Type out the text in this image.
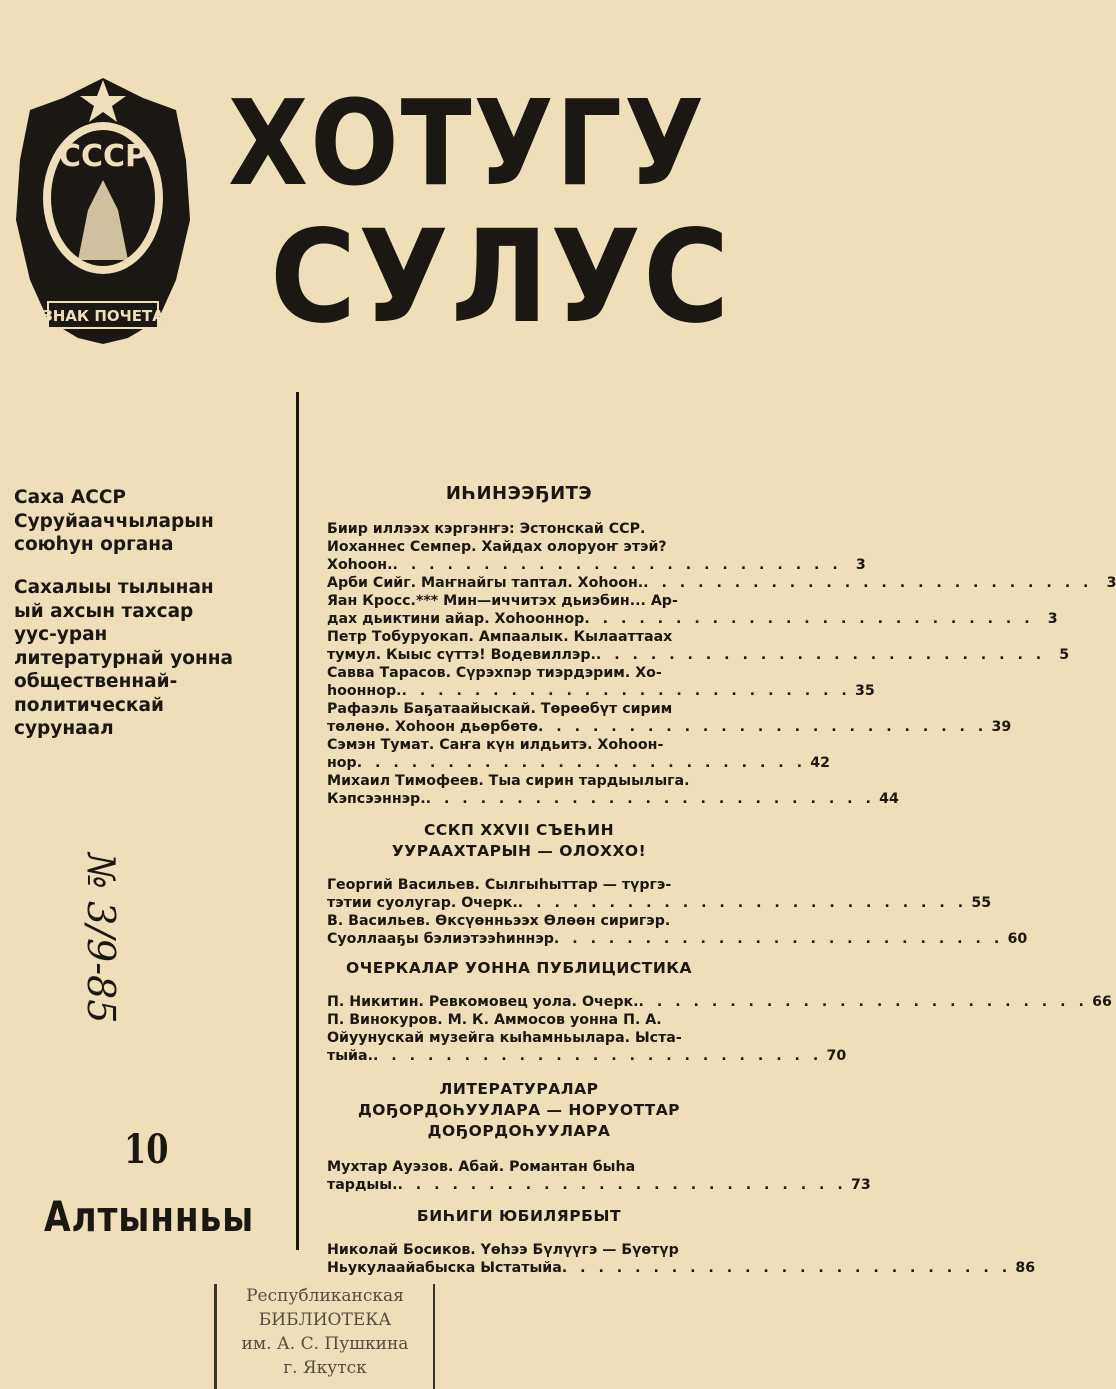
СССР
ЗНАК ПОЧЕТА
ХОТУГУ
СУЛУС
Саха АССР
Суруйааччыларын
союhун органа
Сахалыы тылынан
ый ахсын тахсар
уус-уран
литературнай уонна
общественнай-
политическай
сурунаал
№ 3/9-85
10
Алтынньы
ИҺИНЭЭҔИТЭ
Бииp иллээх кэргэнҥэ: Эстонскай ССР.
Иохaннес Семпер. Хайдах олоруоҥ этэй?
Хоhоон. . . . . . . . . . . . . . . . . . . . . . . . . . 3
Арби Сийг. Маҥнайгы таптал. Хоhоон. . . . . . . . . . . . . . . . . . . . . . . . . . 3
Яан Кросс.*** Мин—иччитэх дьиэбин... Ар-
дах дьиктини айар. Хоhооннор . . . . . . . . . . . . . . . . . . . . . . . . . 3
Петр Тобуруокап. Ампаалык. Кылааттаах
тумул. Кыыс сүттэ! Водевиллэр. . . . . . . . . . . . . . . . . . . . . . . . . . 5
Савва Тарасов. Сүрэхпэр тиэрдэрим. Хо-
hооннор. . . . . . . . . . . . . . . . . . . . . . . . . . 35
Рафаэль Баҕатаайыскай. Төрөөбүт сирим
төлөнө. Хоhоон дьөрбөтө . . . . . . . . . . . . . . . . . . . . . . . . . 39
Сэмэн Тумат. Саҥа күн илдьитэ. Хоhоон-
нор . . . . . . . . . . . . . . . . . . . . . . . . . 42
Михаил Тимофеев. Тыа сирин тардыылыга.
Кэпсээннэр. . . . . . . . . . . . . . . . . . . . . . . . . . 44
ССКП XXVII СЪЕҺИН
УУРААХТАРЫН — ОЛОХХО!
Георгий Васильев. Сылгыһыттар — түргэ-
тэтии суолугар. Очерк. . . . . . . . . . . . . . . . . . . . . . . . . . 55
В. Васильев. Өксүөнньээх Өлөөн сиригэр.
Суоллааҕы бэлиэтээһиннэр . . . . . . . . . . . . . . . . . . . . . . . . . 60
ОЧЕРКАЛАР УОННА ПУБЛИЦИСТИКА
П. Никитин. Ревкомовец уола. Очерк. . . . . . . . . . . . . . . . . . . . . . . . . . 66
П. Винокуров. М. К. Аммосов уонна П. А.
Ойуунускай музейга кыһамньылара. Ыста-
тыйа. . . . . . . . . . . . . . . . . . . . . . . . . . 70
ЛИТЕРАТУРАЛАР
ДОҔОРДОҺУУЛАРА — НОРУОТТАР
ДОҔОРДОҺУУЛАРА
Мухтар Ауэзов. Абай. Романтан быһа
тардыы. . . . . . . . . . . . . . . . . . . . . . . . . . 73
БИҺИГИ ЮБИЛЯРБЫТ
Николай Босиков. Үөһээ Бүлүүгэ — Бүөтүр
Ньукулаайабыска Ыстатыйа . . . . . . . . . . . . . . . . . . . . . . . . . 86
Республиканская
БИБЛИОТЕКА
им. А. С. Пушкина
г. Якутск
